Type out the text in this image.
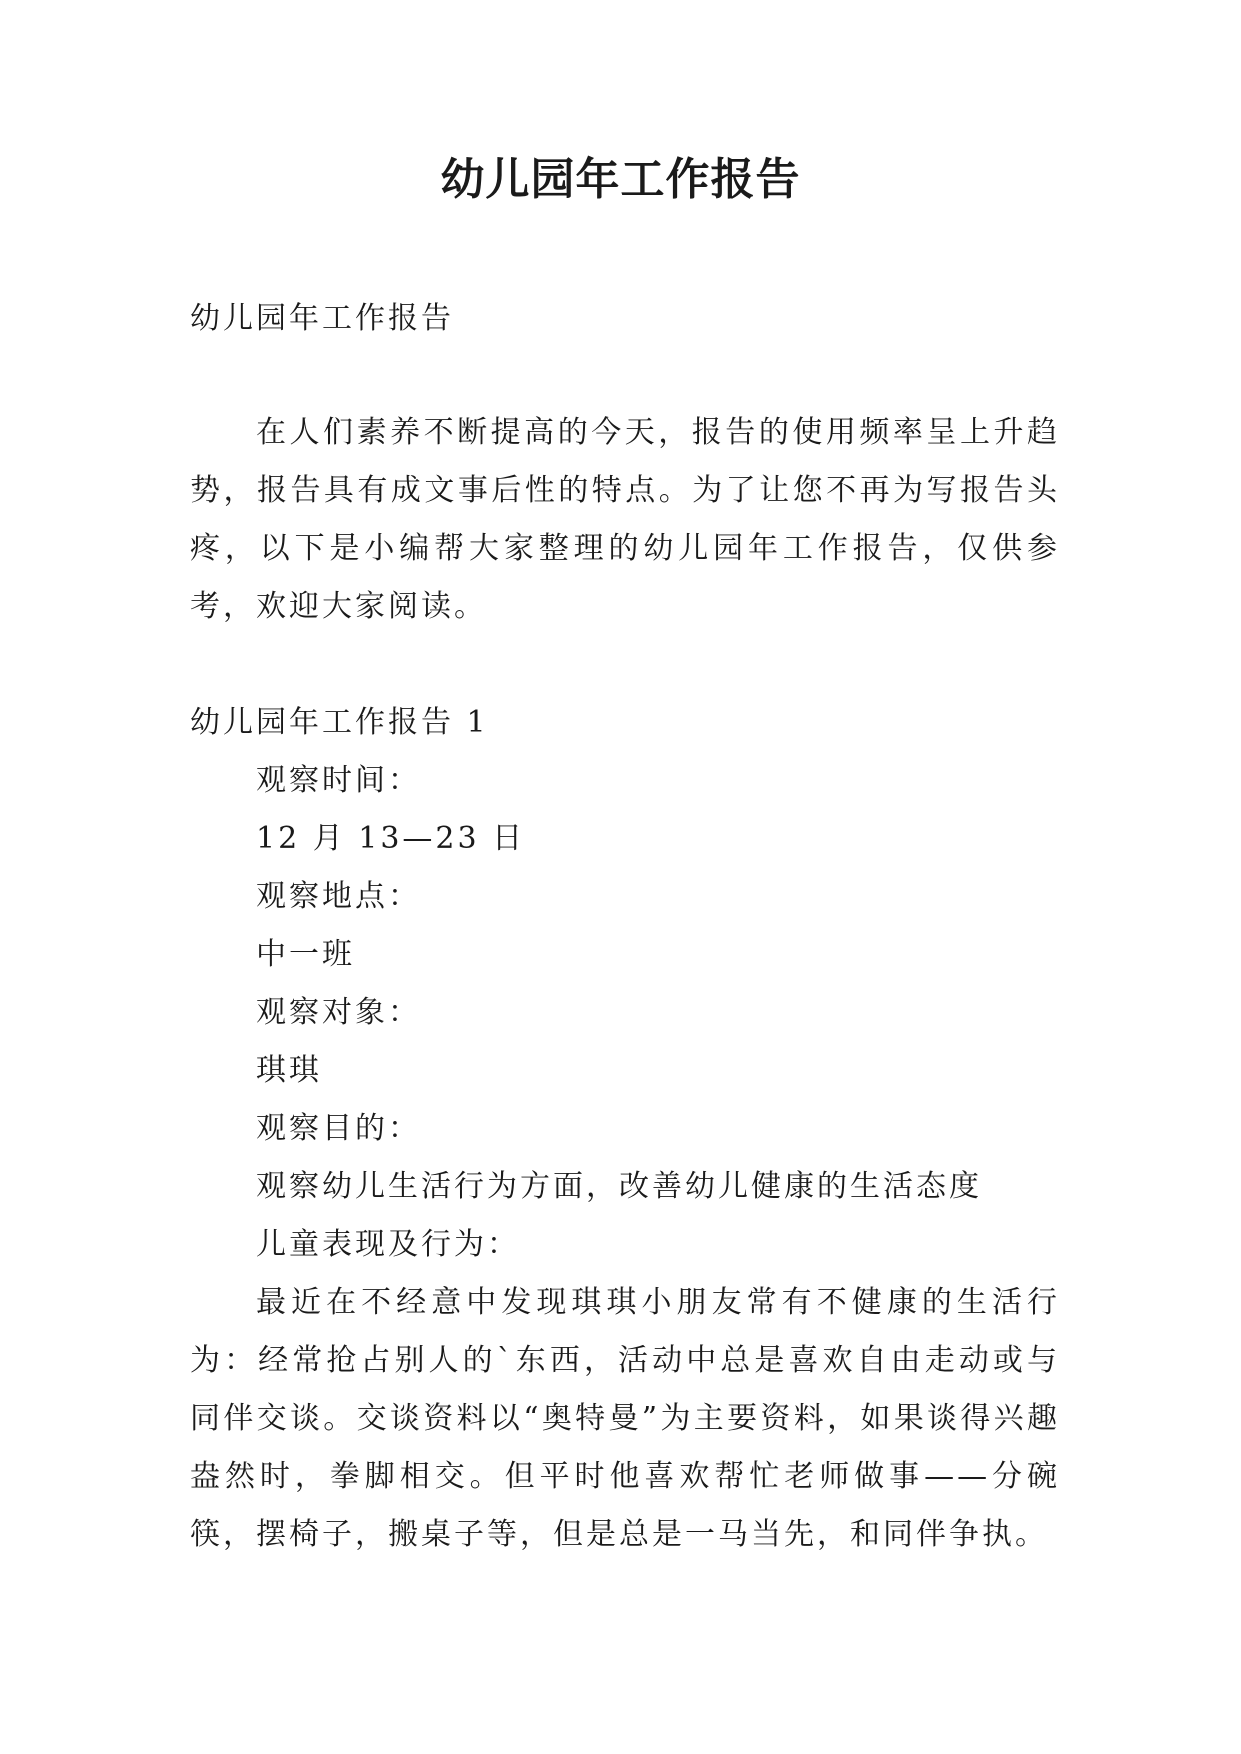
幼儿园年工作报告
幼儿园年工作报告
在人们素养不断提高的今天，报告的使用频率呈上升趋势，报告具有成文事后性的特点。为了让您不再为写报告头疼，以下是小编帮大家整理的幼儿园年工作报告，仅供参考，欢迎大家阅读。
幼儿园年工作报告 1
观察时间：
12 月 13—23 日
观察地点：
中一班
观察对象：
琪琪
观察目的：
观察幼儿生活行为方面，改善幼儿健康的生活态度
儿童表现及行为：
最近在不经意中发现琪琪小朋友常有不健康的生活行为：经常抢占别人的`东西，活动中总是喜欢自由走动或与同伴交谈。交谈资料以“奥特曼”为主要资料，如果谈得兴趣盎然时，拳脚相交。但平时他喜欢帮忙老师做事——分碗筷，摆椅子，搬桌子等，但是总是一马当先，和同伴争执。
